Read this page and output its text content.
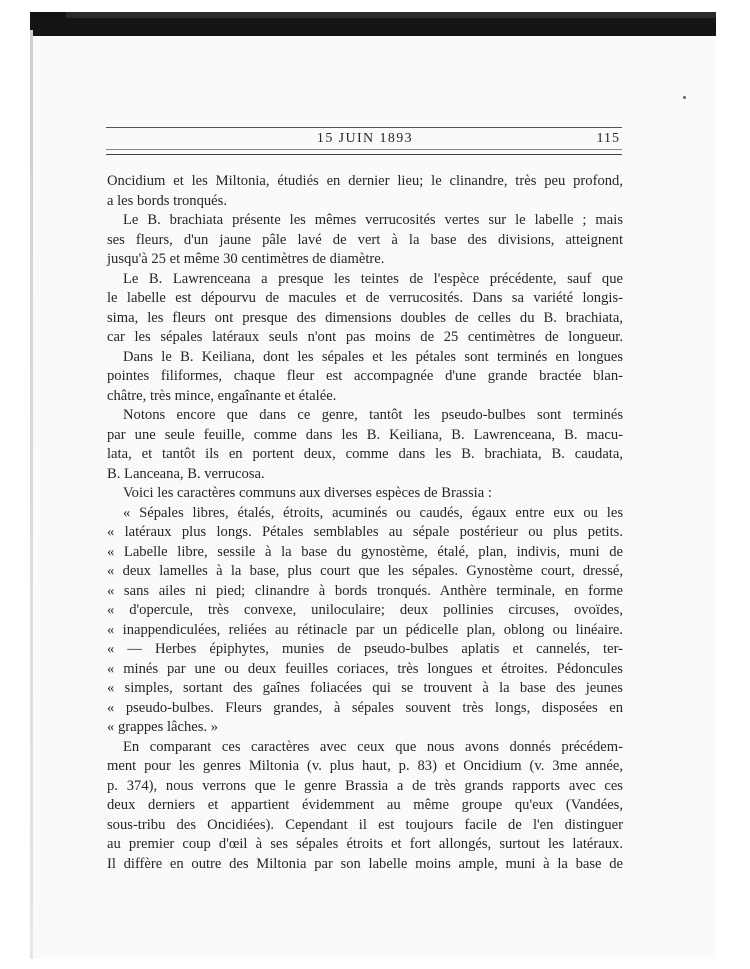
15 JUIN 1893	115
Oncidium et les Miltonia, étudiés en dernier lieu; le clinandre, très peu profond,
a les bords tronqués.
Le B. brachiata présente les mêmes verrucosités vertes sur le labelle ; mais
ses fleurs, d'un jaune pâle lavé de vert à la base des divisions, atteignent
jusqu'à 25 et même 30 centimètres de diamètre.
Le B. Lawrenceana a presque les teintes de l'espèce précédente, sauf que
le labelle est dépourvu de macules et de verrucosités. Dans sa variété longis-
sima, les fleurs ont presque des dimensions doubles de celles du B. brachiata,
car les sépales latéraux seuls n'ont pas moins de 25 centimètres de longueur.
Dans le B. Keiliana, dont les sépales et les pétales sont terminés en longues
pointes filiformes, chaque fleur est accompagnée d'une grande bractée blan-
châtre, très mince, engaînante et étalée.
Notons encore que dans ce genre, tantôt les pseudo-bulbes sont terminés
par une seule feuille, comme dans les B. Keiliana, B. Lawrenceana, B. macu-
lata, et tantôt ils en portent deux, comme dans les B. brachiata, B. caudata,
B. Lanceana, B. verrucosa.
Voici les caractères communs aux diverses espèces de Brassia :
« Sépales libres, étalés, étroits, acuminés ou caudés, égaux entre eux ou les
« latéraux plus longs. Pétales semblables au sépale postérieur ou plus petits.
« Labelle libre, sessile à la base du gynostème, étalé, plan, indivis, muni de
« deux lamelles à la base, plus court que les sépales. Gynostème court, dressé,
« sans ailes ni pied; clinandre à bords tronqués. Anthère terminale, en forme
« d'opercule, très convexe, uniloculaire; deux pollinies circuses, ovoïdes,
« inappendiculées, reliées au rétinacle par un pédicelle plan, oblong ou linéaire.
« — Herbes épiphytes, munies de pseudo-bulbes aplatis et cannelés, ter-
« minés par une ou deux feuilles coriaces, très longues et étroites. Pédoncules
« simples, sortant des gaînes foliacées qui se trouvent à la base des jeunes
« pseudo-bulbes. Fleurs grandes, à sépales souvent très longs, disposées en
« grappes lâches. »
En comparant ces caractères avec ceux que nous avons donnés précédem-
ment pour les genres Miltonia (v. plus haut, p. 83) et Oncidium (v. 3me année,
p. 374), nous verrons que le genre Brassia a de très grands rapports avec ces
deux derniers et appartient évidemment au même groupe qu'eux (Vandées,
sous-tribu des Oncidiées). Cependant il est toujours facile de l'en distinguer
au premier coup d'œil à ses sépales étroits et fort allongés, surtout les latéraux.
Il diffère en outre des Miltonia par son labelle moins ample, muni à la base de
